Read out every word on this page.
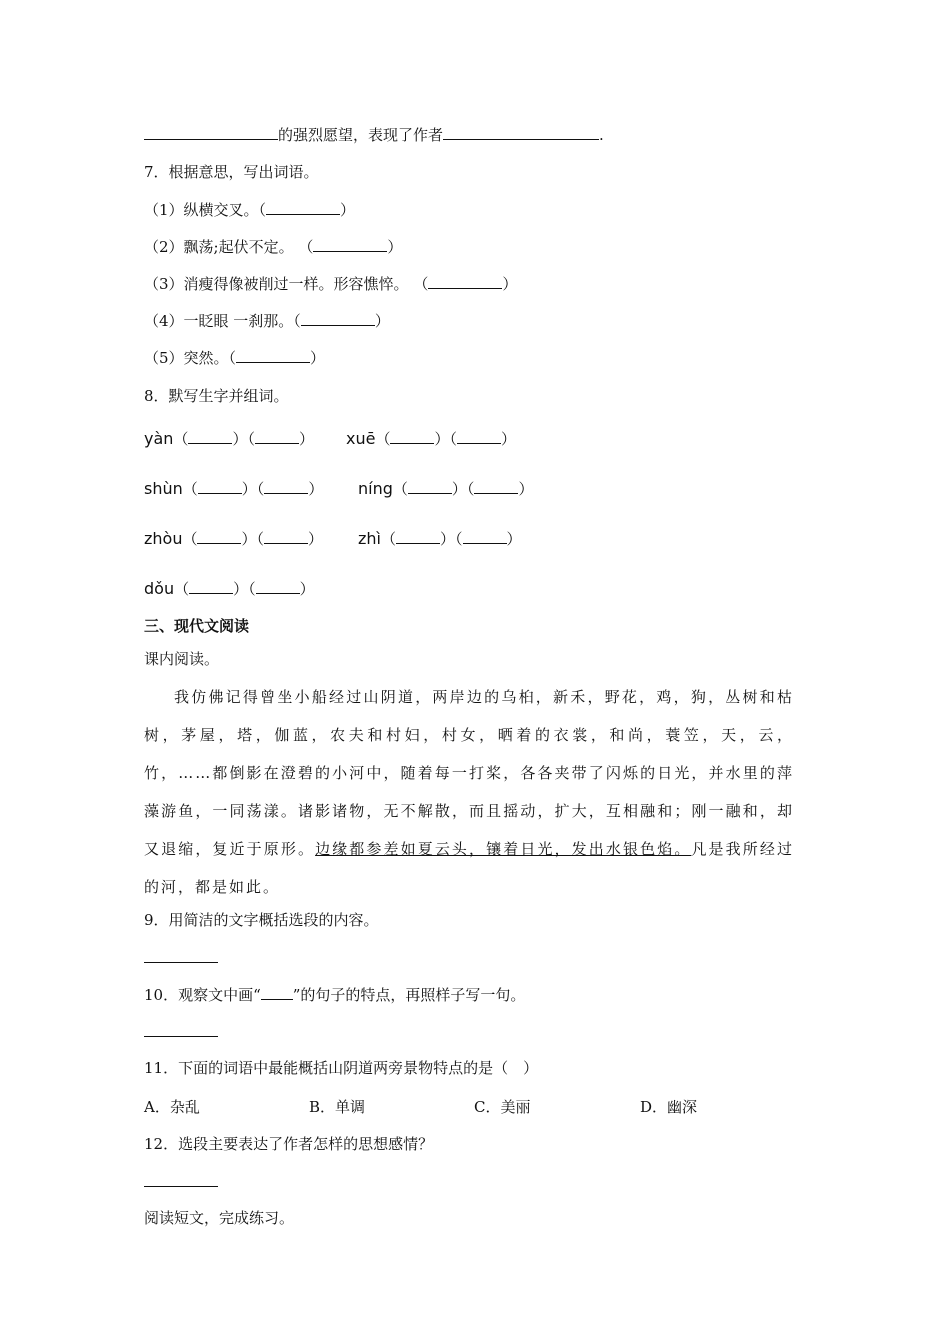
的强烈愿望，表现了作者	.
7．根据意思，写出词语。
（1）纵横交叉。（	）
（2）飘荡;起伏不定。 （	）
（3）消瘦得像被削过一样。形容憔悴。 （	）
（4）一眨眼 一刹那。（	）
（5）突然。（	）
8．默写生字并组词。
yàn（	）（	） xuē（	）（	）
shùn（	）（	） níng（	）（	）
zhòu（	）（	） zhì（	）（	）
dǒu（	）（	）
三、现代文阅读
课内阅读。
我仿佛记得曾坐小船经过山阴道，两岸边的乌桕，新禾，野花，鸡，狗，丛树和枯树，茅屋，塔，伽蓝，农夫和村妇，村女，晒着的衣裳，和尚，蓑笠，天，云，竹，……都倒影在澄碧的小河中，随着每一打桨，各各夹带了闪烁的日光，并水里的萍藻游鱼，一同荡漾。诸影诸物，无不解散，而且摇动，扩大，互相融和；刚一融和，却又退缩，复近于原形。边缘都参差如夏云头，镶着日光，发出水银色焰。凡是我所经过的河，都是如此。
9．用简洁的文字概括选段的内容。
10．观察文中画“ ”的句子的特点，再照样子写一句。
11．下面的词语中最能概括山阴道两旁景物特点的是（　）
A．杂乱	B．单调	C．美丽	D．幽深
12．选段主要表达了作者怎样的思想感情？
阅读短文，完成练习。
